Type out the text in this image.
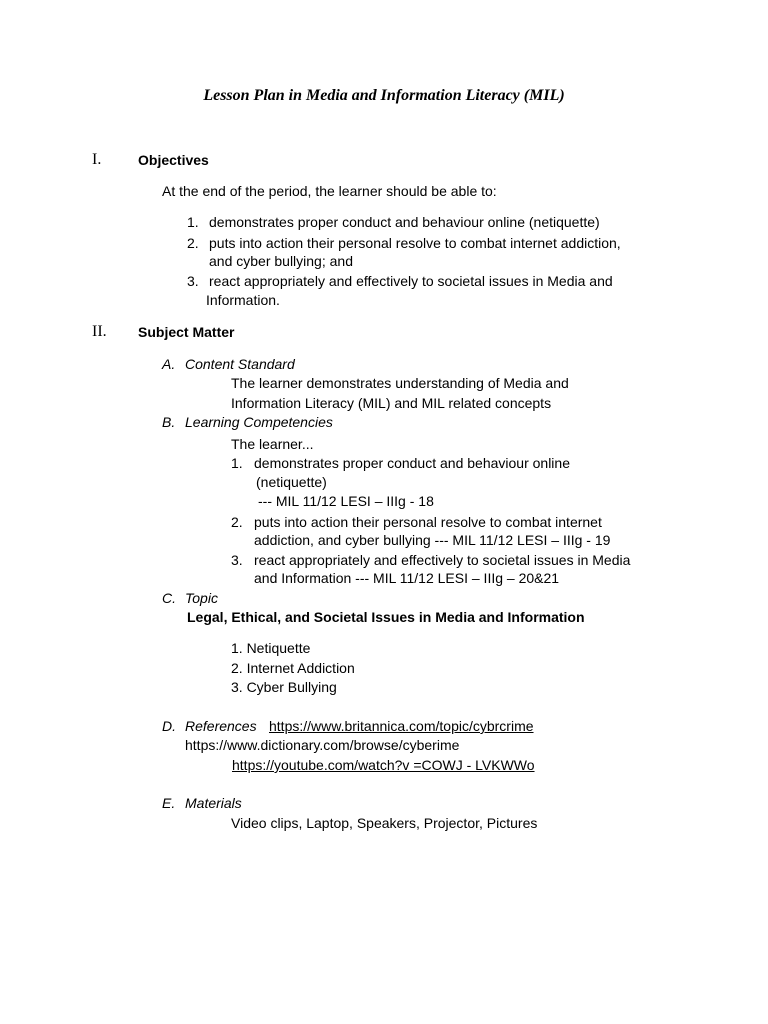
Lesson Plan in Media and Information Literacy (MIL)
I.	Objectives
At the end of the period, the learner should be able to:
1. demonstrates proper conduct and behaviour online (netiquette)
2. puts into action their personal resolve to combat internet addiction,
and cyber bullying; and
3. react appropriately and effectively to societal issues in Media and
Information.
II. Subject Matter
A. Content Standard
The learner demonstrates understanding of Media and
Information Literacy (MIL) and MIL related concepts
B. Learning Competencies
The learner...
1. demonstrates proper conduct and behaviour online
(netiquette)
--- MIL 11/12 LESI – IIIg - 18
2. puts into action their personal resolve to combat internet
addiction, and cyber bullying --- MIL 11/12 LESI – IIIg - 19
3. react appropriately and effectively to societal issues in Media
and Information --- MIL 11/12 LESI – IIIg – 20&21
C. Topic
Legal, Ethical, and Societal Issues in Media and Information
1. Netiquette
2. Internet Addiction
3. Cyber Bullying
D. References https://www.britannica.com/topic/cybrcrime
https://www.dictionary.com/browse/cyberime
https://youtube.com/watch?v =COWJ - LVKWWo
E. Materials
Video clips, Laptop, Speakers, Projector, Pictures
